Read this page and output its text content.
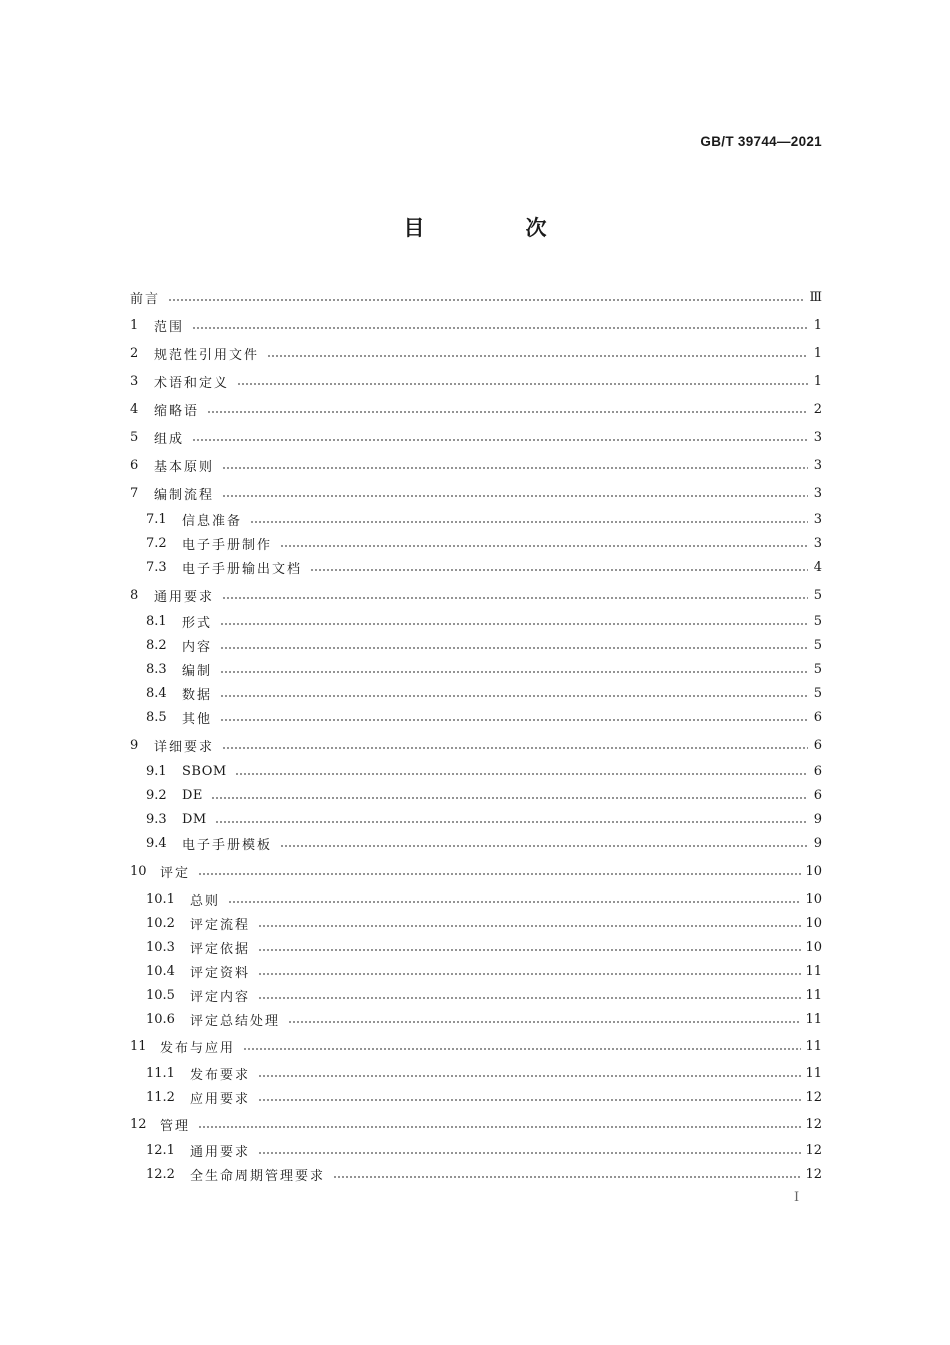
GB/T 39744—2021
目　次
前言	Ⅲ
1	范围	1
2	规范性引用文件	1
3	术语和定义	1
4	缩略语	2
5	组成	3
6	基本原则	3
7	编制流程	3
7.1	信息准备	3
7.2	电子手册制作	3
7.3	电子手册输出文档	4
8	通用要求	5
8.1	形式	5
8.2	内容	5
8.3	编制	5
8.4	数据	5
8.5	其他	6
9	详细要求	6
9.1	SBOM	6
9.2	DE	6
9.3	DM	9
9.4	电子手册模板	9
10	评定	10
10.1	总则	10
10.2	评定流程	10
10.3	评定依据	10
10.4	评定资料	11
10.5	评定内容	11
10.6	评定总结处理	11
11	发布与应用	11
11.1	发布要求	11
11.2	应用要求	12
12	管理	12
12.1	通用要求	12
12.2	全生命周期管理要求	12
I
